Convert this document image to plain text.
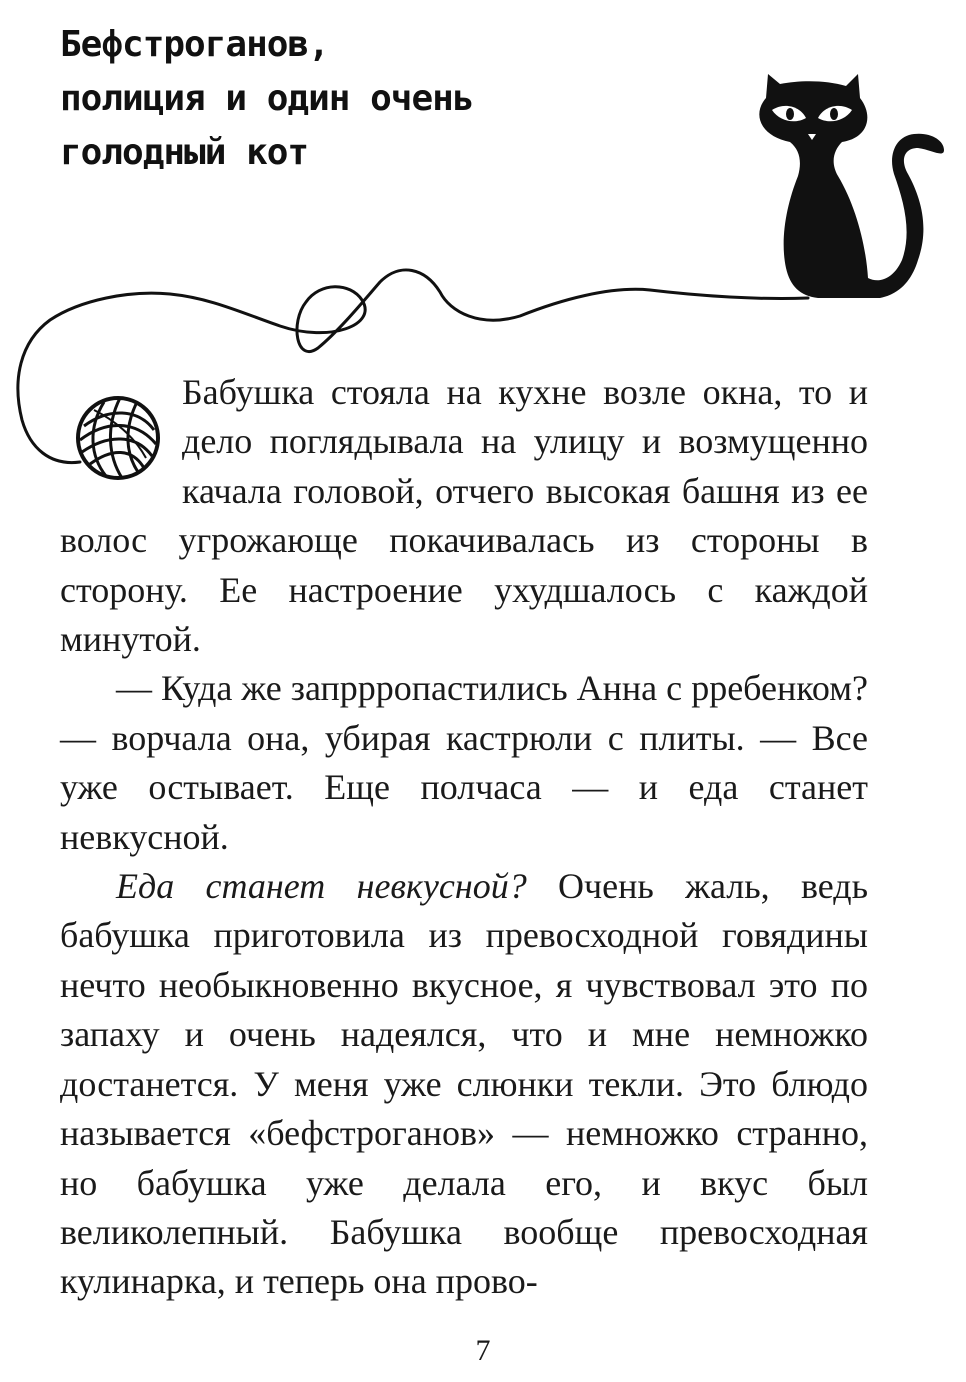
Бефстроганов,
полиция и один очень
голодный кот

Бабушка стояла на кухне возле окна, то и дело поглядывала на улицу и возмущенно качала головой, отчего высокая башня из ее волос угрожающе покачивалась из стороны в сторону. Ее настроение ухудшалось с каждой минутой.

— Куда же запррропастились Анна с рребенком? — ворчала она, убирая кастрюли с плиты. — Все уже остывает. Еще полчаса — и еда станет невкусной.

Еда станет невкусной? Очень жаль, ведь бабушка приготовила из превосходной говядины нечто необыкновенно вкусное, я чувствовал это по запаху и очень надеялся, что и мне немножко достанется. У меня уже слюнки текли. Это блюдо называется «бефстроганов» — немножко странно, но бабушка уже делала его, и вкус был великолепный. Бабушка вообще превосходная кулинарка, и теперь она прово-

7
